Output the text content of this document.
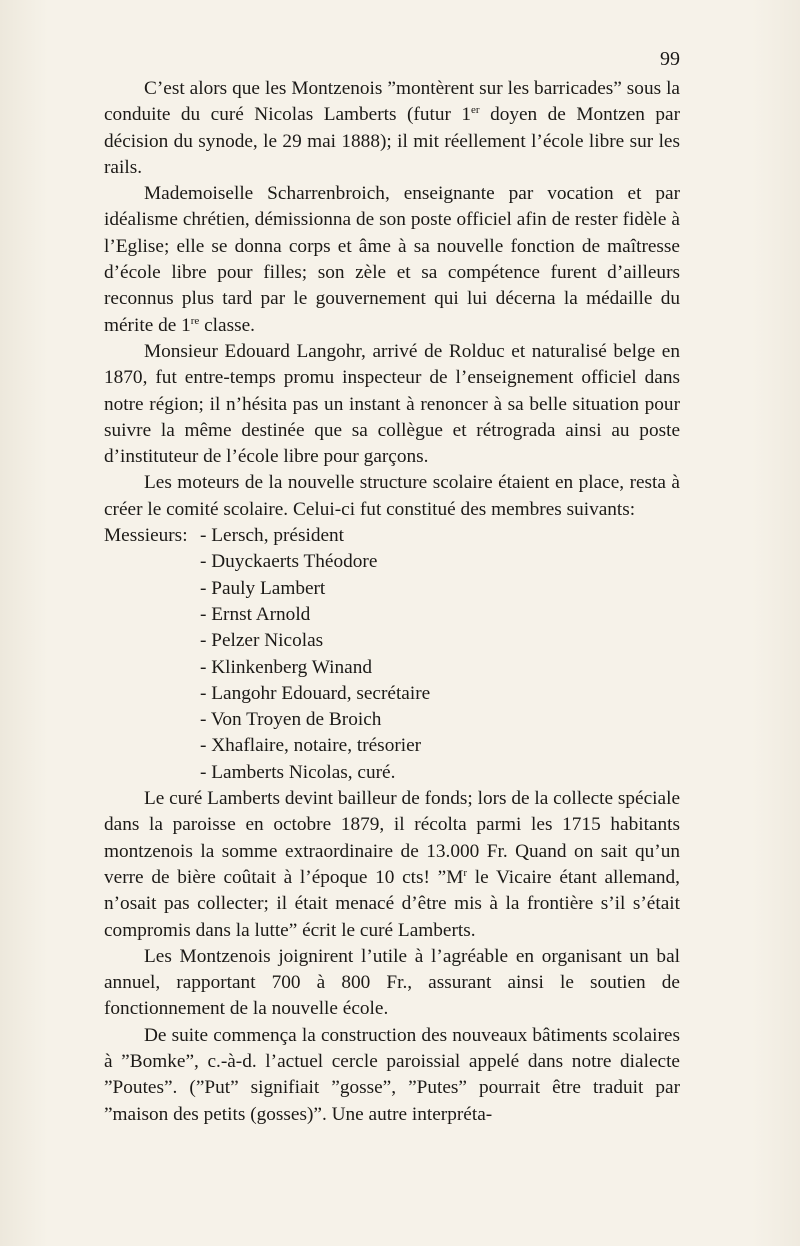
99

C’est alors que les Montzenois ”montèrent sur les barricades” sous la conduite du curé Nicolas Lamberts (futur 1er doyen de Montzen par décision du synode, le 29 mai 1888); il mit réellement l’école libre sur les rails.

Mademoiselle Scharrenbroich, enseignante par vocation et par idéalisme chrétien, démissionna de son poste officiel afin de rester fidèle à l’Eglise; elle se donna corps et âme à sa nouvelle fonction de maîtresse d’école libre pour filles; son zèle et sa compétence furent d’ailleurs reconnus plus tard par le gouvernement qui lui décerna la médaille du mérite de 1re classe.

Monsieur Edouard Langohr, arrivé de Rolduc et naturalisé belge en 1870, fut entre-temps promu inspecteur de l’enseignement officiel dans notre région; il n’hésita pas un instant à renoncer à sa belle situation pour suivre la même destinée que sa collègue et rétrograda ainsi au poste d’instituteur de l’école libre pour garçons.

Les moteurs de la nouvelle structure scolaire étaient en place, resta à créer le comité scolaire. Celui-ci fut constitué des membres suivants:

Messieurs: - Lersch, président
- Duyckaerts Théodore
- Pauly Lambert
- Ernst Arnold
- Pelzer Nicolas
- Klinkenberg Winand
- Langohr Edouard, secrétaire
- Von Troyen de Broich
- Xhaflaire, notaire, trésorier
- Lamberts Nicolas, curé.

Le curé Lamberts devint bailleur de fonds; lors de la collecte spéciale dans la paroisse en octobre 1879, il récolta parmi les 1715 habitants montzenois la somme extraordinaire de 13.000 Fr. Quand on sait qu’un verre de bière coûtait à l’époque 10 cts! $”M^r$ le Vicaire étant allemand, n’osait pas collecter; il était menacé d’être mis à la frontière s’il s’était compromis dans la lutte” écrit le curé Lamberts.

Les Montzenois joignirent l’utile à l’agréable en organisant un bal annuel, rapportant 700 à 800 Fr., assurant ainsi le soutien de fonctionnement de la nouvelle école.

De suite commença la construction des nouveaux bâtiments scolaires à ”Bomke”, c.-à-d. l’actuel cercle paroissial appelé dans notre dialecte ”Poutes”. (”Put” signifiait ”gosse”, ”Putes” pourrait être traduit par ”maison des petits (gosses)”. Une autre interpréta-
